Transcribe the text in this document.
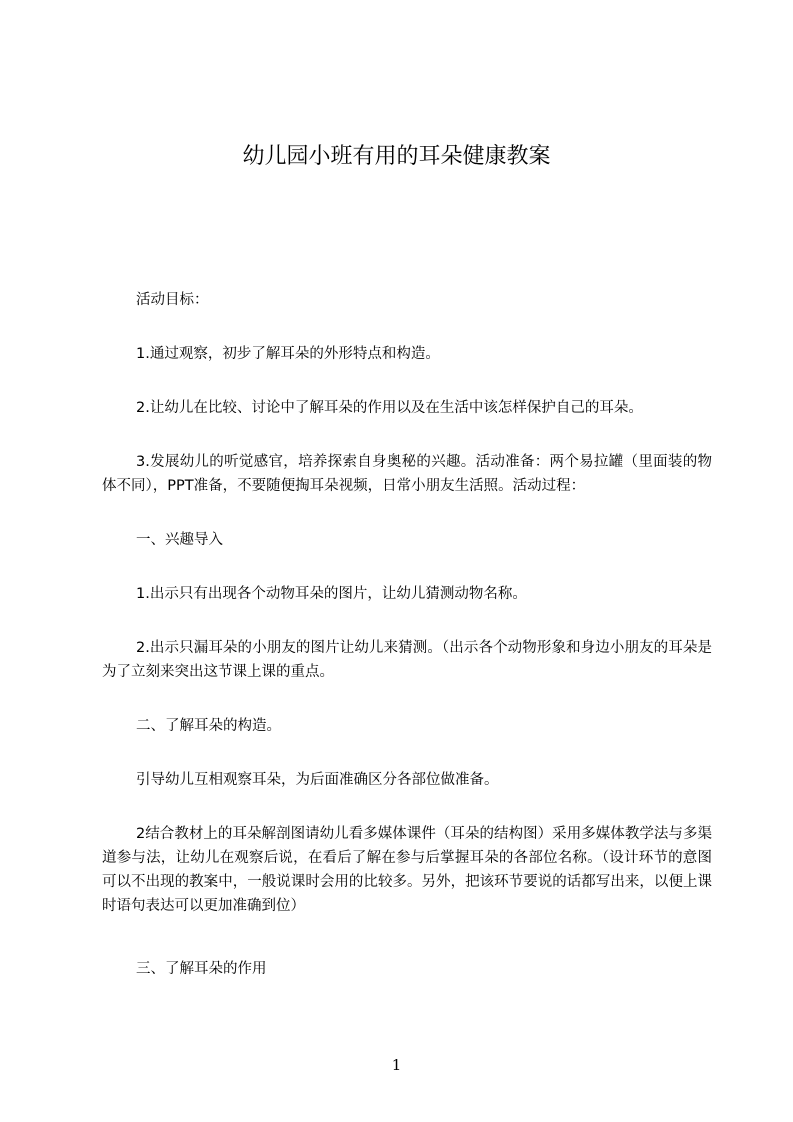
幼儿园小班有用的耳朵健康教案
活动目标：
1.通过观察，初步了解耳朵的外形特点和构造。
2.让幼儿在比较、讨论中了解耳朵的作用以及在生活中该怎样保护自己的耳朵。
3.发展幼儿的听觉感官，培养探索自身奥秘的兴趣。活动准备：两个易拉罐（里面装的物体不同），PPT准备，不要随便掏耳朵视频，日常小朋友生活照。活动过程：
一、兴趣导入
1.出示只有出现各个动物耳朵的图片，让幼儿猜测动物名称。
2.出示只漏耳朵的小朋友的图片让幼儿来猜测。（出示各个动物形象和身边小朋友的耳朵是为了立刻来突出这节课上课的重点。
二、了解耳朵的构造。
引导幼儿互相观察耳朵，为后面准确区分各部位做准备。
2结合教材上的耳朵解剖图请幼儿看多媒体课件（耳朵的结构图）采用多媒体教学法与多渠道参与法，让幼儿在观察后说，在看后了解在参与后掌握耳朵的各部位名称。（设计环节的意图可以不出现的教案中，一般说课时会用的比较多。另外，把该环节要说的话都写出来，以便上课时语句表达可以更加准确到位）
三、了解耳朵的作用
1
